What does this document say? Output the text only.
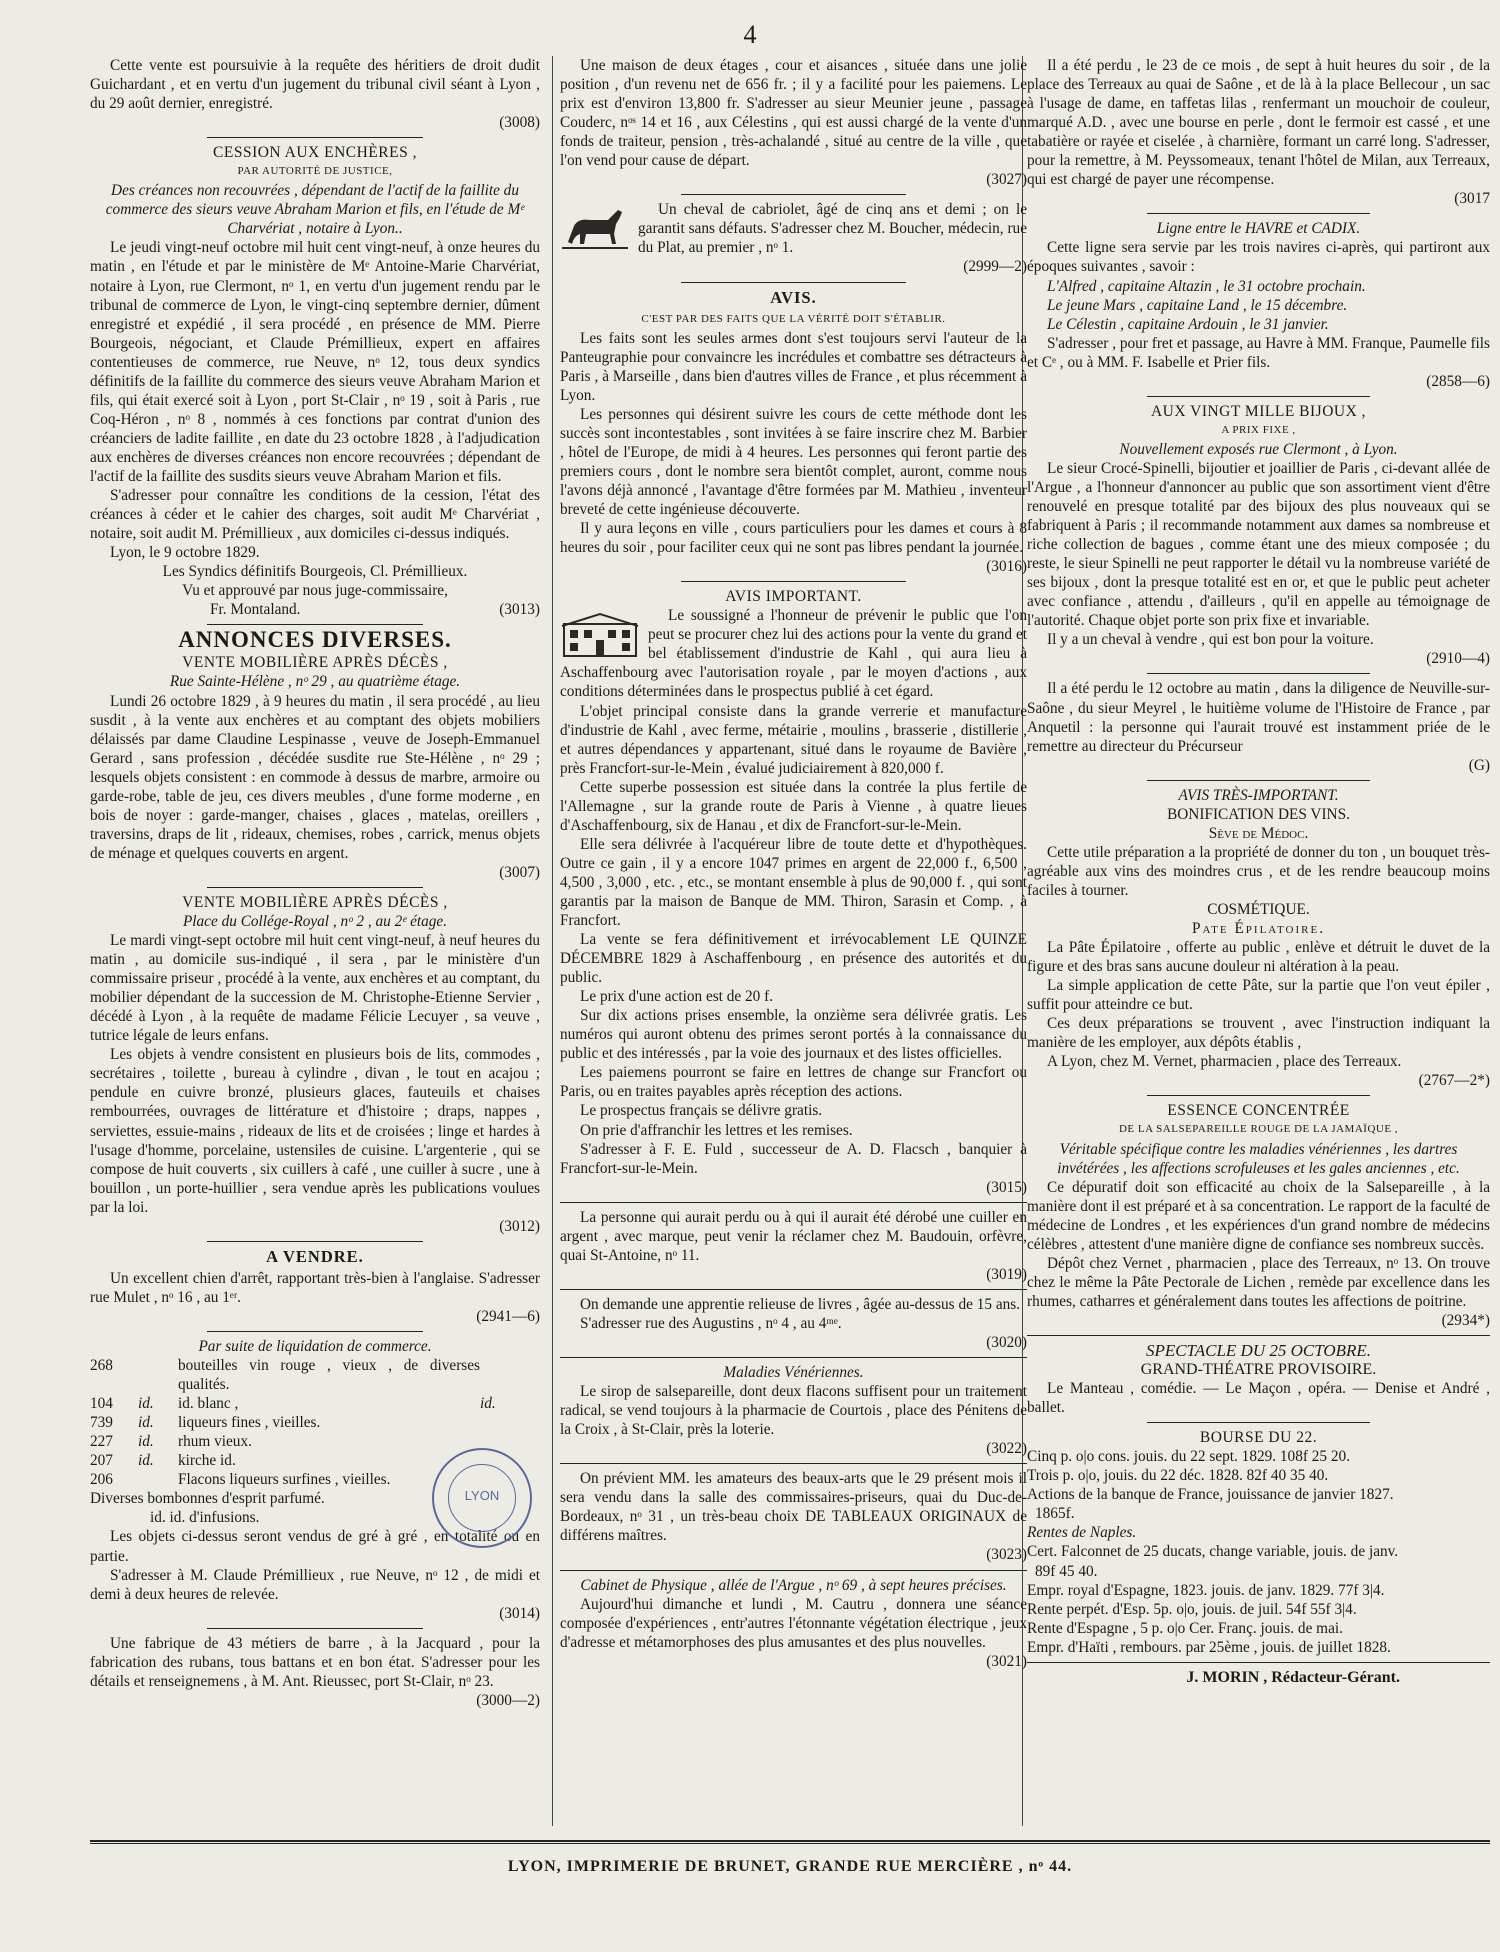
4

Cette vente est poursuivie à la requête des héritiers de droit dudit Guichardant , et en vertu d'un jugement du tribunal civil séant à Lyon , du 29 août dernier, enregistré.

(3008)

CESSION AUX ENCHÈRES ,

PAR AUTORITÉ DE JUSTICE,

Des créances non recouvrées , dépendant de l'actif de la faillite du commerce des sieurs veuve Abraham Marion et fils, en l'étude de Mᵉ Charvériat , notaire à Lyon..

Le jeudi vingt-neuf octobre mil huit cent vingt-neuf, à onze heures du matin , en l'étude et par le ministère de Mᵉ Antoine-Marie Charvériat, notaire à Lyon, rue Clermont, nᵒ 1, en vertu d'un jugement rendu par le tribunal de commerce de Lyon, le vingt-cinq septembre dernier, dûment enregistré et expédié , il sera procédé , en présence de MM. Pierre Bourgeois, négociant, et Claude Prémillieux, expert en affaires contentieuses de commerce, rue Neuve, nᵒ 12, tous deux syndics définitifs de la faillite du commerce des sieurs veuve Abraham Marion et fils, qui était exercé soit à Lyon , port St-Clair , nᵒ 19 , soit à Paris , rue Coq-Héron , nᵒ 8 , nommés à ces fonctions par contrat d'union des créanciers de ladite faillite , en date du 23 octobre 1828 , à l'adjudication aux enchères de diverses créances non encore recouvrées ; dépendant de l'actif de la faillite des susdits sieurs veuve Abraham Marion et fils.

S'adresser pour connaître les conditions de la cession, l'état des créances à céder et le cahier des charges, soit audit Mᵉ Charvériat , notaire, soit audit M. Prémillieux , aux domiciles ci-dessus indiqués.

Lyon, le 9 octobre 1829.

Les Syndics définitifs Bourgeois, Cl. Prémillieux.

Vu et approuvé par nous juge-commissaire,

Fr. Montaland.	(3013)

ANNONCES DIVERSES.

VENTE MOBILIÈRE APRÈS DÉCÈS ,

Rue Sainte-Hélène , nᵒ 29 , au quatrième étage.

Lundi 26 octobre 1829 , à 9 heures du matin , il sera procédé , au lieu susdit , à la vente aux enchères et au comptant des objets mobiliers délaissés par dame Claudine Lespinasse , veuve de Joseph-Emmanuel Gerard , sans profession , décédée susdite rue Ste-Hélène , nᵒ 29 ; lesquels objets consistent : en commode à dessus de marbre, armoire ou garde-robe, table de jeu, ces divers meubles , d'une forme moderne , en bois de noyer : garde-manger, chaises , glaces , matelas, oreillers , traversins, draps de lit , rideaux, chemises, robes , carrick, menus objets de ménage et quelques couverts en argent.

(3007)

VENTE MOBILIÈRE APRÈS DÉCÈS ,

Place du Collége-Royal , nᵒ 2 , au 2ᵉ étage.

Le mardi vingt-sept octobre mil huit cent vingt-neuf, à neuf heures du matin , au domicile sus-indiqué , il sera , par le ministère d'un commissaire priseur , procédé à la vente, aux enchères et au comptant, du mobilier dépendant de la succession de M. Christophe-Etienne Servier , décédé à Lyon , à la requête de madame Félicie Lecuyer , sa veuve , tutrice légale de leurs enfans.

Les objets à vendre consistent en plusieurs bois de lits, commodes , secrétaires , toilette , bureau à cylindre , divan , le tout en acajou ; pendule en cuivre bronzé, plusieurs glaces, fauteuils et chaises rembourrées, ouvrages de littérature et d'histoire ; draps, nappes , serviettes, essuie-mains , rideaux de lits et de croisées ; linge et hardes à l'usage d'homme, porcelaine, ustensiles de cuisine. L'argenterie , qui se compose de huit couverts , six cuillers à café , une cuiller à sucre , une à bouillon , un porte-huillier , sera vendue après les publications voulues par la loi.

(3012)

A VENDRE.

Un excellent chien d'arrêt, rapportant très-bien à l'anglaise. S'adresser rue Mulet , nᵒ 16 , au 1ᵉʳ.

(2941—6)

Par suite de liquidation de commerce.

268	bouteilles vin rouge , vieux , de diverses qualités.
104	id.	id. blanc ,	id.
739	id.	liqueurs fines , vieilles.
227	id.	rhum vieux.
207	id.	kirche id.
206	Flacons liqueurs surfines , vieilles.

Diverses bombonnes d'esprit parfumé.

id. id. d'infusions.

Les objets ci-dessus seront vendus de gré à gré , en totalité ou en partie.

S'adresser à M. Claude Prémillieux , rue Neuve, nᵒ 12 , de midi et demi à deux heures de relevée.

(3014)

Une fabrique de 43 métiers de barre , à la Jacquard , pour la fabrication des rubans, tous battans et en bon état. S'adresser pour les détails et renseignemens , à M. Ant. Rieussec, port St-Clair, nᵒ 23.

(3000—2)

LYON

Une maison de deux étages , cour et aisances , située dans une jolie position , d'un revenu net de 656 fr. ; il y a facilité pour les paiemens. Le prix est d'environ 13,800 fr. S'adresser au sieur Meunier jeune , passage Couderc, nᵒˢ 14 et 16 , aux Célestins , qui est aussi chargé de la vente d'un fonds de traiteur, pension , très-achalandé , situé au centre de la ville , que l'on vend pour cause de départ.

(3027)

Un cheval de cabriolet, âgé de cinq ans et demi ; on le garantit sans défauts. S'adresser chez M. Boucher, médecin, rue du Plat, au premier , nᵒ 1.

(2999—2)

AVIS.

C'EST PAR DES FAITS QUE LA VÉRITÉ DOIT S'ÉTABLIR.

Les faits sont les seules armes dont s'est toujours servi l'auteur de la Panteugraphie pour convaincre les incrédules et combattre ses détracteurs à Paris , à Marseille , dans bien d'autres villes de France , et plus récemment à Lyon.

Les personnes qui désirent suivre les cours de cette méthode dont les succès sont incontestables , sont invitées à se faire inscrire chez M. Barbier , hôtel de l'Europe, de midi à 4 heures. Les personnes qui feront partie des premiers cours , dont le nombre sera bientôt complet, auront, comme nous l'avons déjà annoncé , l'avantage d'être formées par M. Mathieu , inventeur breveté de cette ingénieuse découverte.

Il y aura leçons en ville , cours particuliers pour les dames et cours à 8 heures du soir , pour faciliter ceux qui ne sont pas libres pendant la journée.

(3016)

AVIS IMPORTANT.

Le soussigné a l'honneur de prévenir le public que l'on peut se procurer chez lui des actions pour la vente du grand et bel établissement d'industrie de Kahl , qui aura lieu à Aschaffenbourg avec l'autorisation royale , par le moyen d'actions , aux conditions déterminées dans le prospectus publié à cet égard.

L'objet principal consiste dans la grande verrerie et manufacture d'industrie de Kahl , avec ferme, métairie , moulins , brasserie , distillerie , et autres dépendances y appartenant, situé dans le royaume de Bavière , près Francfort-sur-le-Mein , évalué judiciairement à 820,000 f.

Cette superbe possession est située dans la contrée la plus fertile de l'Allemagne , sur la grande route de Paris à Vienne , à quatre lieues d'Aschaffenbourg, six de Hanau , et dix de Francfort-sur-le-Mein.

Elle sera délivrée à l'acquéreur libre de toute dette et d'hypothèques. Outre ce gain , il y a encore 1047 primes en argent de 22,000 f., 6,500 , 4,500 , 3,000 , etc. , etc., se montant ensemble à plus de 90,000 f. , qui sont garantis par la maison de Banque de MM. Thiron, Sarasin et Comp. , à Francfort.

La vente se fera définitivement et irrévocablement LE QUINZE DÉCEMBRE 1829 à Aschaffenbourg , en présence des autorités et du public.

Le prix d'une action est de 20 f.

Sur dix actions prises ensemble, la onzième sera délivrée gratis. Les numéros qui auront obtenu des primes seront portés à la connaissance du public et des intéressés , par la voie des journaux et des listes officielles.

Les paiemens pourront se faire en lettres de change sur Francfort ou Paris, ou en traites payables après réception des actions.

Le prospectus français se délivre gratis.

On prie d'affranchir les lettres et les remises.

S'adresser à F. E. Fuld , successeur de A. D. Flacsch , banquier à Francfort-sur-le-Mein.

(3015)

La personne qui aurait perdu ou à qui il aurait été dérobé une cuiller en argent , avec marque, peut venir la réclamer chez M. Baudouin, orfèvre, quai St-Antoine, nᵒ 11.

(3019)

On demande une apprentie relieuse de livres , âgée au-dessus de 15 ans.

S'adresser rue des Augustins , nᵒ 4 , au 4ᵐᵉ.

(3020)

Maladies Vénériennes.

Le sirop de salsepareille, dont deux flacons suffisent pour un traitement radical, se vend toujours à la pharmacie de Courtois , place des Pénitens de la Croix , à St-Clair, près la loterie.

(3022)

On prévient MM. les amateurs des beaux-arts que le 29 présent mois il sera vendu dans la salle des commissaires-priseurs, quai du Duc-de-Bordeaux, nᵒ 31 , un très-beau choix DE TABLEAUX ORIGINAUX de différens maîtres.

(3023)

Cabinet de Physique , allée de l'Argue , nᵒ 69 , à sept heures précises.

Aujourd'hui dimanche et lundi , M. Cautru , donnera une séance composée d'expériences , entr'autres l'étonnante végétation électrique , jeux d'adresse et métamorphoses des plus amusantes et des plus nouvelles.

(3021)

Il a été perdu , le 23 de ce mois , de sept à huit heures du soir , de la place des Terreaux au quai de Saône , et de là à la place Bellecour , un sac à l'usage de dame, en taffetas lilas , renfermant un mouchoir de couleur, marqué A.D. , avec une bourse en perle , dont le fermoir est cassé , et une tabatière or rayée et ciselée , à charnière, formant un carré long. S'adresser, pour la remettre, à M. Peyssomeaux, tenant l'hôtel de Milan, aux Terreaux, qui est chargé de payer une récompense.

(3017

Ligne entre le HAVRE et CADIX.

Cette ligne sera servie par les trois navires ci-après, qui partiront aux époques suivantes , savoir :

L'Alfred , capitaine Altazin , le 31 octobre prochain.

Le jeune Mars , capitaine Land , le 15 décembre.

Le Célestin , capitaine Ardouin , le 31 janvier.

S'adresser , pour fret et passage, au Havre à MM. Franque, Paumelle fils et Cᵉ , ou à MM. F. Isabelle et Prier fils.

(2858—6)

AUX VINGT MILLE BIJOUX ,

A PRIX FIXE ,

Nouvellement exposés rue Clermont , à Lyon.

Le sieur Crocé-Spinelli, bijoutier et joaillier de Paris , ci-devant allée de l'Argue , a l'honneur d'annoncer au public que son assortiment vient d'être renouvelé en presque totalité par des bijoux des plus nouveaux qui se fabriquent à Paris ; il recommande notamment aux dames sa nombreuse et riche collection de bagues , comme étant une des mieux composée ; du reste, le sieur Spinelli ne peut rapporter le détail vu la nombreuse variété de ses bijoux , dont la presque totalité est en or, et que le public peut acheter avec confiance , attendu , d'ailleurs , qu'il en appelle au témoignage de l'autorité. Chaque objet porte son prix fixe et invariable.

Il y a un cheval à vendre , qui est bon pour la voiture.

(2910—4)

Il a été perdu le 12 octobre au matin , dans la diligence de Neuville-sur-Saône , du sieur Meyrel , le huitième volume de l'Histoire de France , par Anquetil : la personne qui l'aurait trouvé est instamment priée de le remettre au directeur du Précurseur

(G)

AVIS TRÈS-IMPORTANT.

BONIFICATION DES VINS.

Sève de Médoc.

Cette utile préparation a la propriété de donner du ton , un bouquet très-agréable aux vins des moindres crus , et de les rendre beaucoup moins faciles à tourner.

COSMÉTIQUE.

Pate Épilatoire.

La Pâte Épilatoire , offerte au public , enlève et détruit le duvet de la figure et des bras sans aucune douleur ni altération à la peau.

La simple application de cette Pâte, sur la partie que l'on veut épiler , suffit pour atteindre ce but.

Ces deux préparations se trouvent , avec l'instruction indiquant la manière de les employer, aux dépôts établis ,

A Lyon, chez M. Vernet, pharmacien , place des Terreaux.

(2767—2*)

ESSENCE CONCENTRÉE

DE LA SALSEPAREILLE ROUGE DE LA JAMAÏQUE ,

Véritable spécifique contre les maladies vénériennes , les dartres invétérées , les affections scrofuleuses et les gales anciennes , etc.

Ce dépuratif doit son efficacité au choix de la Salsepareille , à la manière dont il est préparé et à sa concentration. Le rapport de la faculté de médecine de Londres , et les expériences d'un grand nombre de médecins célèbres , attestent d'une manière digne de confiance ses nombreux succès.

Dépôt chez Vernet , pharmacien , place des Terreaux, nᵒ 13. On trouve chez le même la Pâte Pectorale de Lichen , remède par excellence dans les rhumes, catharres et généralement dans toutes les affections de poitrine.

(2934*)

SPECTACLE DU 25 OCTOBRE.

GRAND-THÉATRE PROVISOIRE.

Le Manteau , comédie. — Le Maçon , opéra. — Denise et André , ballet.

BOURSE DU 22.

Cinq p. o|o cons. jouis. du 22 sept. 1829. 108f 25 20.

Trois p. o|o, jouis. du 22 déc. 1828. 82f 40 35 40.

Actions de la banque de France, jouissance de janvier 1827.

1865f.

Rentes de Naples.

Cert. Falconnet de 25 ducats, change variable, jouis. de janv.

89f 45 40.

Empr. royal d'Espagne, 1823. jouis. de janv. 1829. 77f 3|4.

Rente perpét. d'Esp. 5p. o|o, jouis. de juil. 54f 55f 3|4.

Rente d'Espagne , 5 p. o|o Cer. Franç. jouis. de mai.

Empr. d'Haïti , rembours. par 25ème , jouis. de juillet 1828.

J. MORIN , Rédacteur-Gérant.

LYON, IMPRIMERIE DE BRUNET, GRANDE RUE MERCIÈRE , nᵒ 44.
